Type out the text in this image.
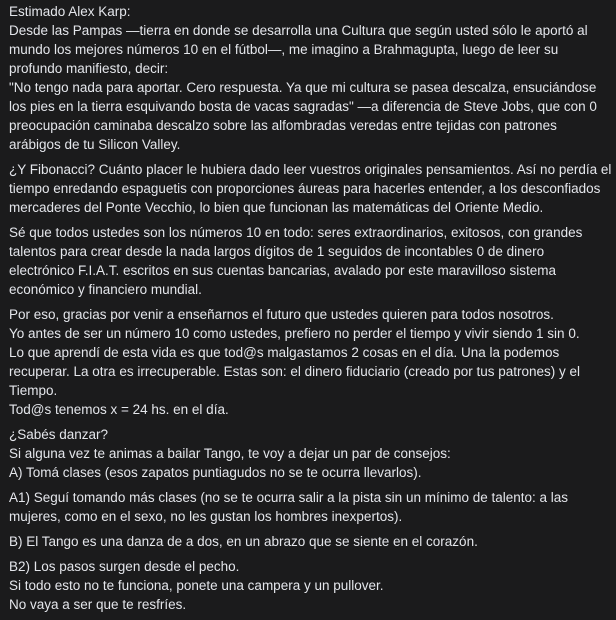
Estimado Alex Karp:
Desde las Pampas —tierra en donde se desarrolla una Cultura que según usted sólo le aportó al
mundo los mejores números 10 en el fútbol—, me imagino a Brahmagupta, luego de leer su
profundo manifiesto, decir:
"No tengo nada para aportar. Cero respuesta. Ya que mi cultura se pasea descalza, ensuciándose
los pies en la tierra esquivando bosta de vacas sagradas" —a diferencia de Steve Jobs, que con 0
preocupación caminaba descalzo sobre las alfombradas veredas entre tejidas con patrones
arábigos de tu Silicon Valley.
¿Y Fibonacci? Cuánto placer le hubiera dado leer vuestros originales pensamientos. Así no perdía el
tiempo enredando espaguetis con proporciones áureas para hacerles entender, a los desconfiados
mercaderes del Ponte Vecchio, lo bien que funcionan las matemáticas del Oriente Medio.
Sé que todos ustedes son los números 10 en todo: seres extraordinarios, exitosos, con grandes
talentos para crear desde la nada largos dígitos de 1 seguidos de incontables 0 de dinero
electrónico F.I.A.T. escritos en sus cuentas bancarias, avalado por este maravilloso sistema
económico y financiero mundial.
Por eso, gracias por venir a enseñarnos el futuro que ustedes quieren para todos nosotros.
Yo antes de ser un número 10 como ustedes, prefiero no perder el tiempo y vivir siendo 1 sin 0.
Lo que aprendí de esta vida es que tod@s malgastamos 2 cosas en el día. Una la podemos
recuperar. La otra es irrecuperable. Estas son: el dinero fiduciario (creado por tus patrones) y el
Tiempo.
Tod@s tenemos x = 24 hs. en el día.
¿Sabés danzar?
Si alguna vez te animas a bailar Tango, te voy a dejar un par de consejos:
A) Tomá clases (esos zapatos puntiagudos no se te ocurra llevarlos).
A1) Seguí tomando más clases (no se te ocurra salir a la pista sin un mínimo de talento: a las
mujeres, como en el sexo, no les gustan los hombres inexpertos).
B) El Tango es una danza de a dos, en un abrazo que se siente en el corazón.
B2) Los pasos surgen desde el pecho.
Si todo esto no te funciona, ponete una campera y un pullover.
No vaya a ser que te resfríes.
